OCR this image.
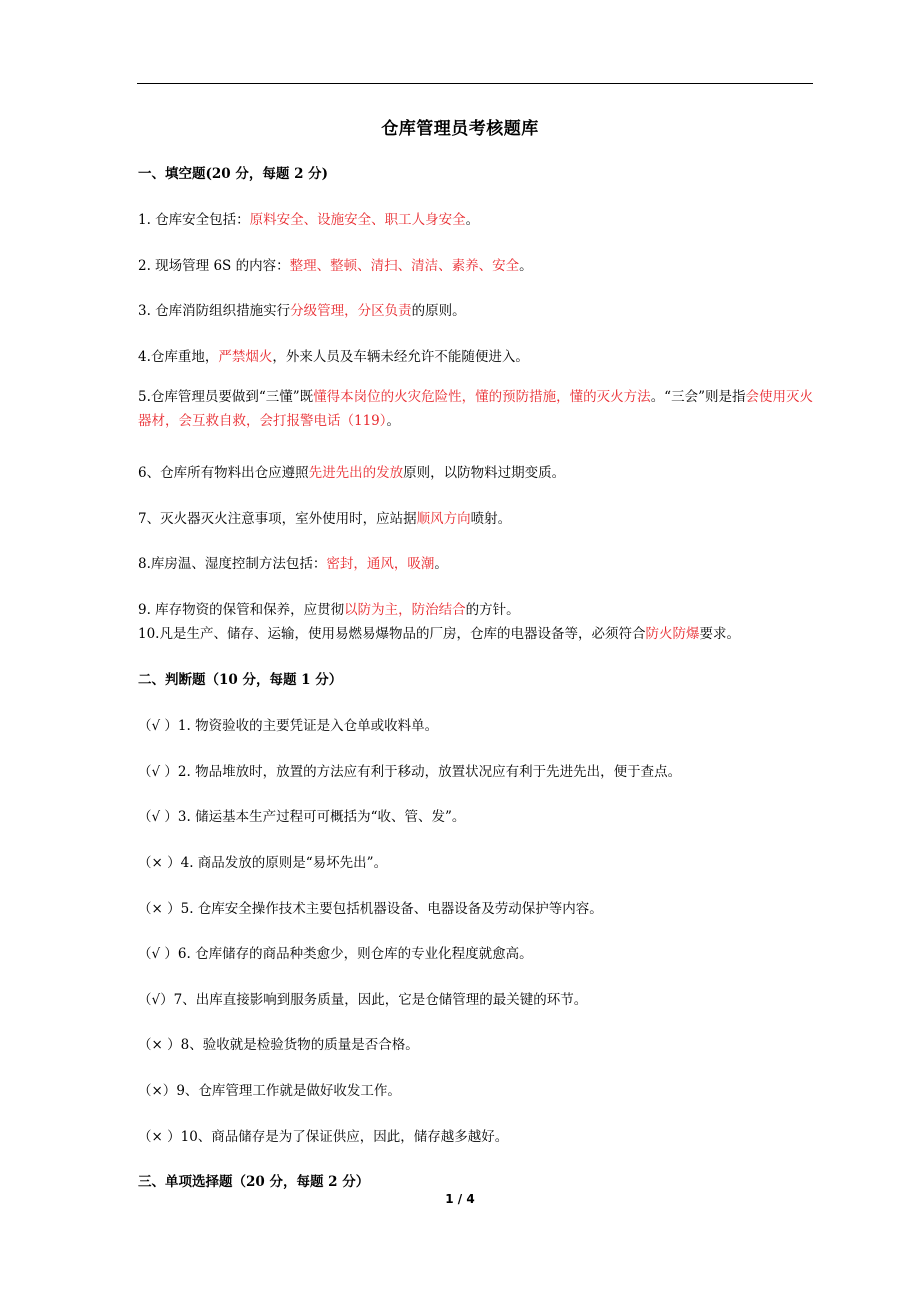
仓库管理员考核题库
一、填空题(20 分，每题 2 分)
1. 仓库安全包括：原料安全、设施安全、职工人身安全。
2. 现场管理 6S 的内容：整理、整顿、清扫、清洁、素养、安全。
3. 仓库消防组织措施实行分级管理，分区负责的原则。
4.仓库重地，严禁烟火，外来人员及车辆未经允许不能随便进入。
5.仓库管理员要做到“三懂”既懂得本岗位的火灾危险性，懂的预防措施，懂的灭火方法。“三会”则是指会使用灭火器材，会互救自救，会打报警电话（119）。
6、仓库所有物料出仓应遵照先进先出的发放原则，以防物料过期变质。
7、灭火器灭火注意事项，室外使用时，应站据顺风方向喷射。
8.库房温、湿度控制方法包括：密封，通风，吸潮。
9. 库存物资的保管和保养，应贯彻以防为主，防治结合的方针。
10.凡是生产、储存、运输，使用易燃易爆物品的厂房，仓库的电器设备等，必须符合防火防爆要求。
二、判断题（10 分，每题 1 分）
（√ ）1. 物资验收的主要凭证是入仓单或收料单。
（√ ）2. 物品堆放时，放置的方法应有利于移动，放置状况应有利于先进先出，便于查点。
（√ ）3. 储运基本生产过程可可概括为“收、管、发”。
（× ）4. 商品发放的原则是“易坏先出”。
（× ）5. 仓库安全操作技术主要包括机器设备、电器设备及劳动保护等内容。
（√ ）6. 仓库储存的商品种类愈少，则仓库的专业化程度就愈高。
（√）7、出库直接影响到服务质量，因此，它是仓储管理的最关键的环节。
（× ）8、验收就是检验货物的质量是否合格。
（×）9、仓库管理工作就是做好收发工作。
（× ）10、商品储存是为了保证供应，因此，储存越多越好。
三、单项选择题（20 分，每题 2 分）
1 / 4
